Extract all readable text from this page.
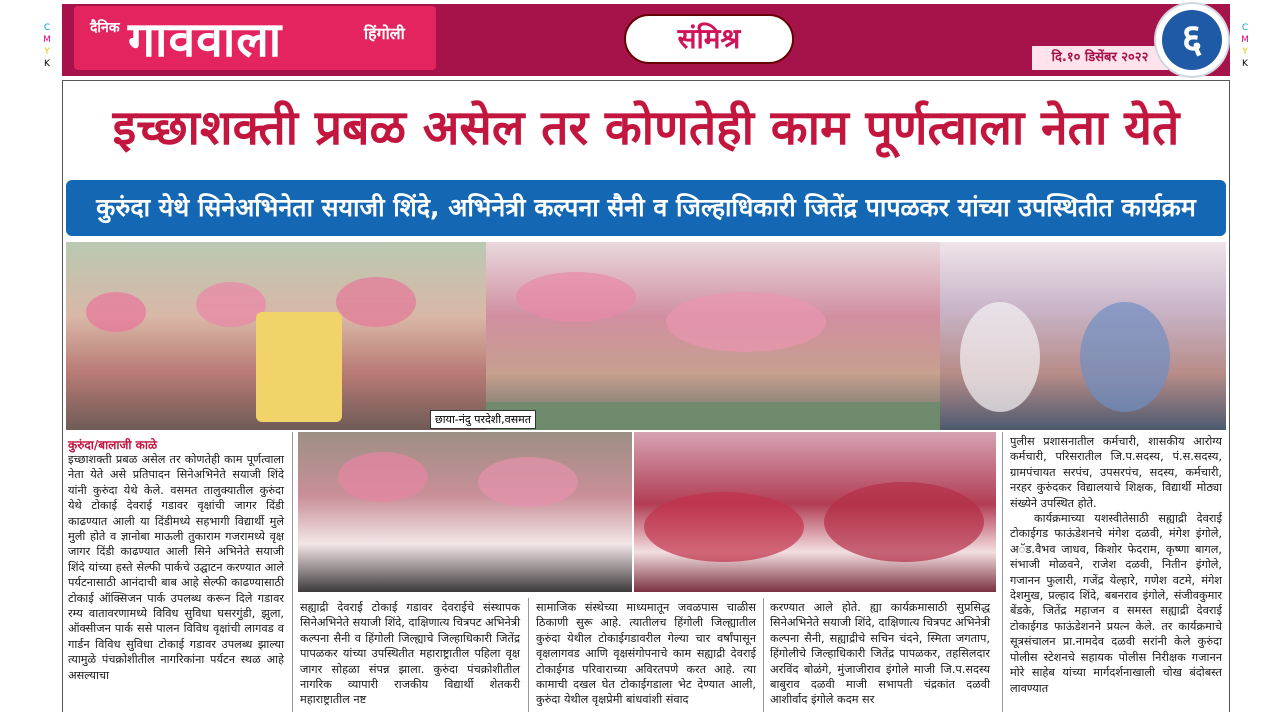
C
M
Y
K
C
M
Y
K
दैनिक गाववाला	हिंगोली	संमिश्र
दि.१० डिसेंबर २०२२ ६
इच्छाशक्ती प्रबळ असेल तर कोणतेही काम पूर्णत्वाला नेता येते
कुरुंदा येथे सिनेअभिनेता सयाजी शिंदे, अभिनेत्री कल्पना सैनी व जिल्हाधिकारी जितेंद्र पापळकर यांच्या उपस्थितीत कार्यक्रम
छाया-नंदु परदेशी,वसमत
कुरुंदा/बालाजी काळे
इच्छाशक्ती प्रबळ असेल तर कोणतेही काम पूर्णत्वाला नेता येते असे प्रतिपादन सिनेअभिनेते सयाजी शिंदे यांनी कुरुंदा येथे केले. वसमत तालुक्यातील कुरुंदा येथे टोकाई देवराई गडावर वृक्षांची जागर दिंडी काढण्यात आली या दिंडीमध्ये सहभागी विद्यार्थी मुले मुली होते व ज्ञानोबा माऊली तुकाराम गजरामध्ये वृक्ष जागर दिंडी काढण्यात आली सिने अभिनेते सयाजी शिंदे यांच्या हस्ते सेल्फी पार्कचे उद्घाटन करण्यात आले पर्यटनासाठी आनंदाची बाब आहे सेल्फी काढण्यासाठी टोकाई ऑक्सिजन पार्क उपलब्ध करून दिले गडावर रम्य वातावरणामध्ये विविध सुविधा घसरगुंडी, झुला, ऑक्सीजन पार्क ससे पालन विविध वृक्षांची लागवड व गार्डन विविध सुविधा टोकाई गडावर उपलब्ध झाल्या त्यामुळे पंचक्रोशीतील नागरिकांना पर्यटन स्थळ आहे असल्याचा
सह्याद्री देवराई टोकाई गडावर देवराईचे संस्थापक सिनेअभिनेते सयाजी शिंदे, दाक्षिणात्य चित्रपट अभिनेत्री कल्पना सैनी व हिंगोली जिल्ह्याचे जिल्हाधिकारी जितेंद्र पापळकर यांच्या उपस्थितीत महाराष्ट्रातील पहिला वृक्ष जागर सोहळा संपन्न झाला. कुरुंदा पंचक्रोशीतील नागरिक व्यापारी राजकीय विद्यार्थी शेतकरी महाराष्ट्रातील नष्ट
सामाजिक संस्थेच्या माध्यमातून जवळपास चाळीस ठिकाणी सुरू आहे. त्यातीलच हिंगोली जिल्ह्यातील कुरुंदा येथील टोकाईगडावरील गेल्या चार वर्षांपासून वृक्षलागवड आणि वृक्षसंगोपनाचे काम सह्याद्री देवराई टोकाईगड परिवाराच्या अविरतपणे करत आहे. त्या कामाची दखल घेत टोकाईगडाला भेट देण्यात आली, कुरुंदा येथील वृक्षप्रेमी बांधवांशी संवाद
करण्यात आले होते. ह्या कार्यक्रमासाठी सुप्रसिद्ध सिनेअभिनेते सयाजी शिंदे, दाक्षिणात्य चित्रपट अभिनेत्री कल्पना सैनी, सह्याद्रीचे सचिन चंदने, स्मिता जगताप, हिंगोलीचे जिल्हाधिकारी जितेंद्र पापळकर, तहसिलदार अरविंद बोळंगे, मुंजाजीराव इंगोले माजी जि.प.सदस्य बाबुराव दळवी माजी सभापती चंद्रकांत दळवी आशीर्वाद इंगोले कदम सर
पुलीस प्रशासनातील कर्मचारी, शासकीय आरोग्य कर्मचारी, परिसरातील जि.प.सदस्य, पं.स.सदस्य, ग्रामपंचायत सरपंच, उपसरपंच, सदस्य, कर्मचारी, नरहर कुरुंदकर विद्यालयाचे शिक्षक, विद्यार्थी मोठ्या संख्येने उपस्थित होते.
कार्यक्रमाच्या यशस्वीतेसाठी सह्याद्री देवराई टोकाईगड फाऊंडेशनचे मंगेश दळवी, मंगेश इंगोले, अॅड.वैभव जाधव, किशोर फेदराम, कृष्णा बागल, संभाजी मोळवने, राजेश दळवी, नितीन इंगोले, गजानन फुलारी, गजेंद्र येल्हारे, गणेश वटमे, मंगेश देशमुख, प्रल्हाद शिंदे, बबनराव इंगोले, संजीवकुमार बेंडके, जितेंद्र महाजन व समस्त सह्याद्री देवराई टोकाईगड फाऊंडेशनने प्रयत्न केले. तर कार्यक्रमाचे सूत्रसंचालन प्रा.नामदेव दळवी सरांनी केले कुरुंदा पोलीस स्टेशनचे सहायक पोलीस निरीक्षक गजानन मोरे साहेब यांच्या मार्गदर्शनाखाली चोख बंदोबस्त लावण्यात
